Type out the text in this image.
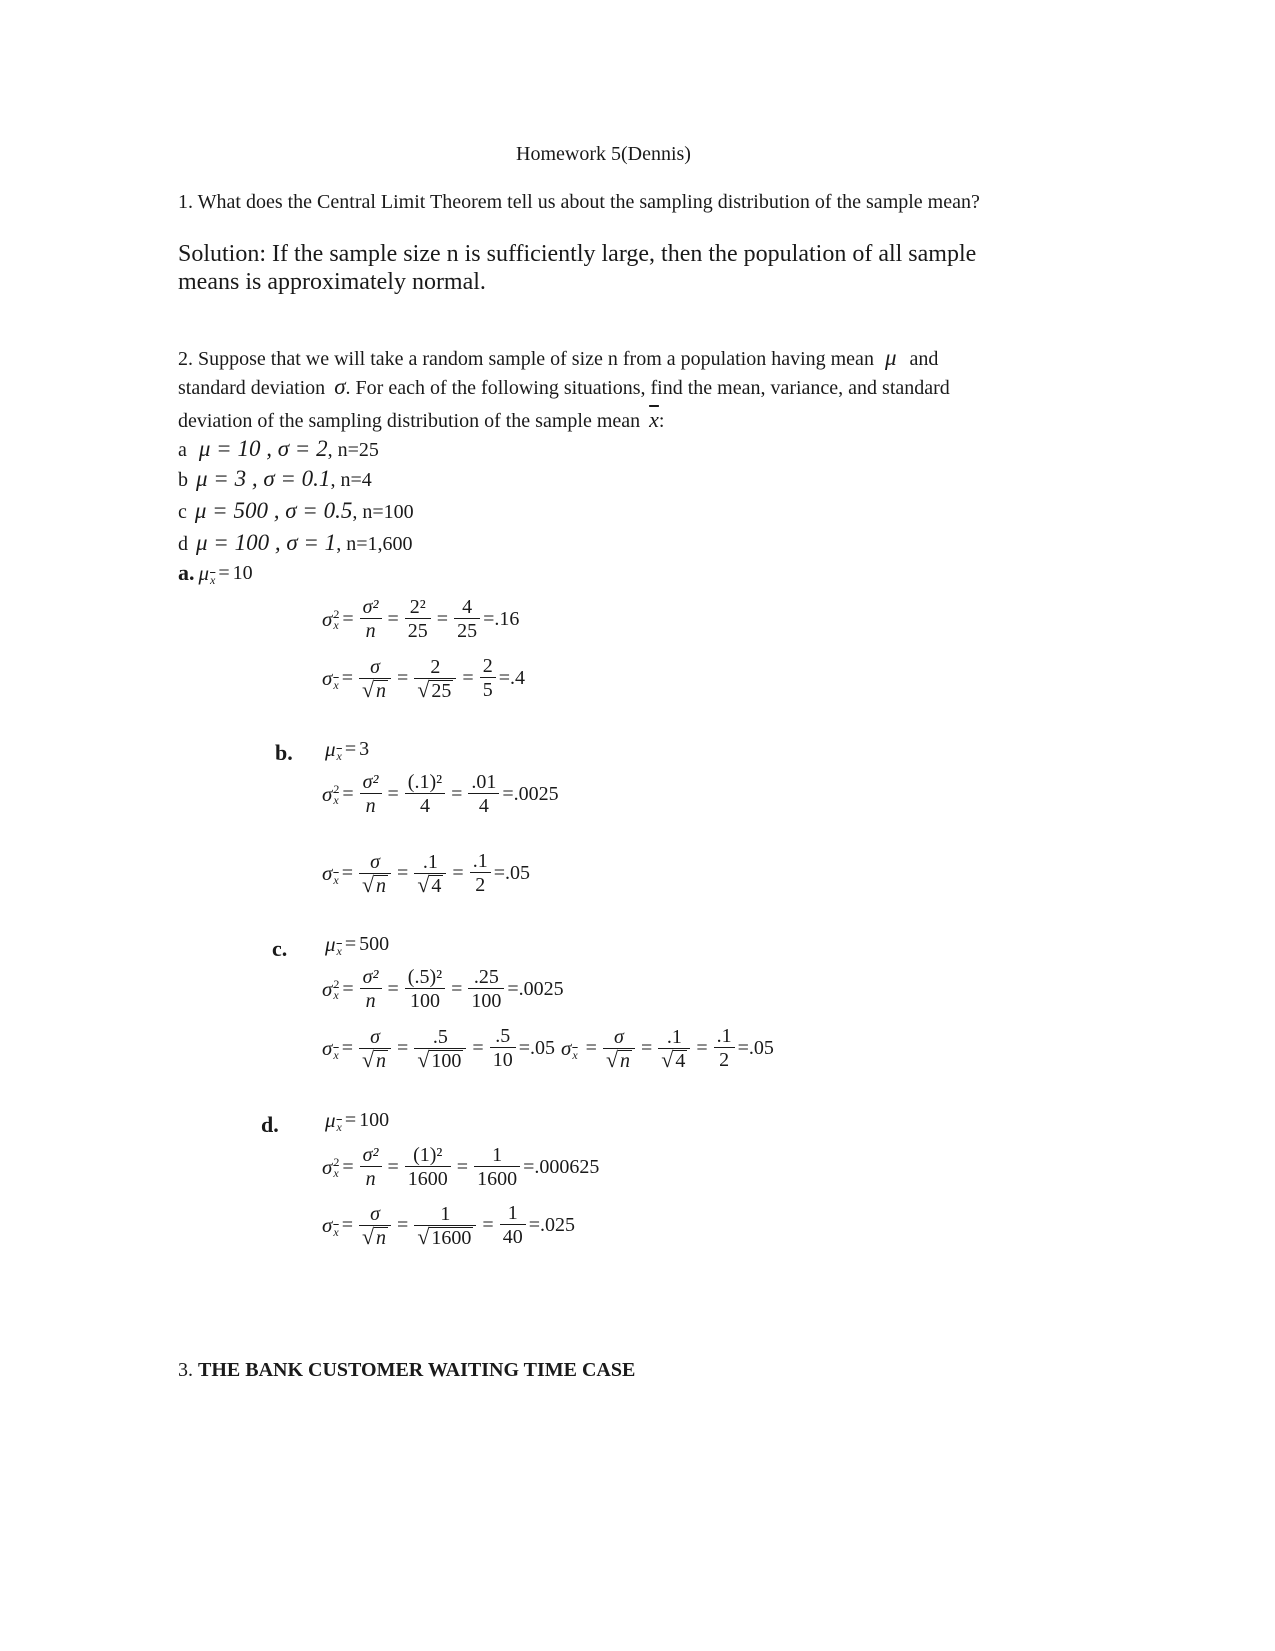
Homework 5(Dennis)
1. What does the Central Limit Theorem tell us about the sampling distribution of the sample mean?
Solution: If the sample size n is sufficiently large, then the population of all sample
means is approximately normal.
2. Suppose that we will take a random sample of size n from a population having mean μ and
standard deviation σ. For each of the following situations, find the mean, variance, and standard
deviation of the sampling distribution of the sample mean $\overline{x}$:
a μ = 10 , σ = 2, n=25
b μ = 3 , σ = 0.1, n=4
c μ = 500 , σ = 0.5, n=100
d μ = 100 , σ = 1, n=1,600
a. μ $\overline{x} = 10$
σ $\frac{2}{x} = \frac{\text{σ²}}{n} = \frac{\text{2²}}{25} = \frac{4}{25} =.16$
σ $\overline{x} = \frac{\sigma}{√ n} = \frac{2}{√ 25} = \frac{2}{5} =.4$
b. μ $\overline{x} = 3$
σ $\frac{2}{x} = \frac{\text{σ²}}{n} = \frac{\text{(.1)²}}{4} = \frac{.01}{4} =.0025$
σ $\overline{x} = \frac{\sigma}{√ n} = \frac{.1}{√ 4} = \frac{.1}{2} =.05$
c. μ $\overline{x} = 500$
σ $\frac{2}{x} = \frac{\text{σ²}}{n} = \frac{\text{(.5)²}}{100} = \frac{.25}{100} =.0025$
σ $\overline{x} = \frac{\sigma}{√ n} = \frac{.5}{√ 100} = \frac{.5}{10} =.05$ σ $\overline{x} = \frac{\sigma}{√ n} = \frac{.1}{√ 4} = \frac{.1}{2} =.05$
d. μ $\overline{x} = 100$
σ $\frac{2}{x} = \frac{\text{σ²}}{n} = \frac{\text{(1)²}}{1600} = \frac{1}{1600} =.000625$
σ $\overline{x} = \frac{\sigma}{√ n} = \frac{1}{√ 1600} = \frac{1}{40} =.025$
3. THE BANK CUSTOMER WAITING TIME CASE
